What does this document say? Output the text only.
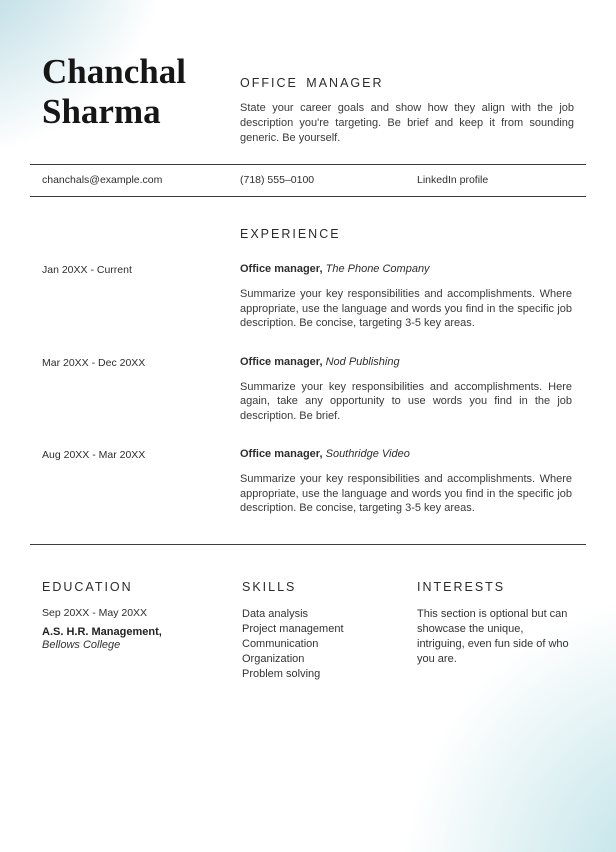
Chanchal
Sharma
OFFICE MANAGER
State your career goals and show how they align with the job description you're targeting. Be brief and keep it from sounding generic. Be yourself.
chanchals@example.com	(718) 555–0100	LinkedIn profile
EXPERIENCE
Jan 20XX - Current	Office manager, The Phone Company
Summarize your key responsibilities and accomplishments. Where appropriate, use the language and words you find in the specific job description. Be concise, targeting 3-5 key areas.
Mar 20XX - Dec 20XX	Office manager, Nod Publishing
Summarize your key responsibilities and accomplishments. Here again, take any opportunity to use words you find in the job description. Be brief.
Aug 20XX - Mar 20XX	Office manager, Southridge Video
Summarize your key responsibilities and accomplishments. Where appropriate, use the language and words you find in the specific job description. Be concise, targeting 3-5 key areas.
EDUCATION
Sep 20XX - May 20XX
A.S. H.R. Management,
Bellows College
SKILLS
Data analysis
Project management
Communication
Organization
Problem solving
INTERESTS

This section is optional but can showcase the unique, intriguing, even fun side of who you are.
